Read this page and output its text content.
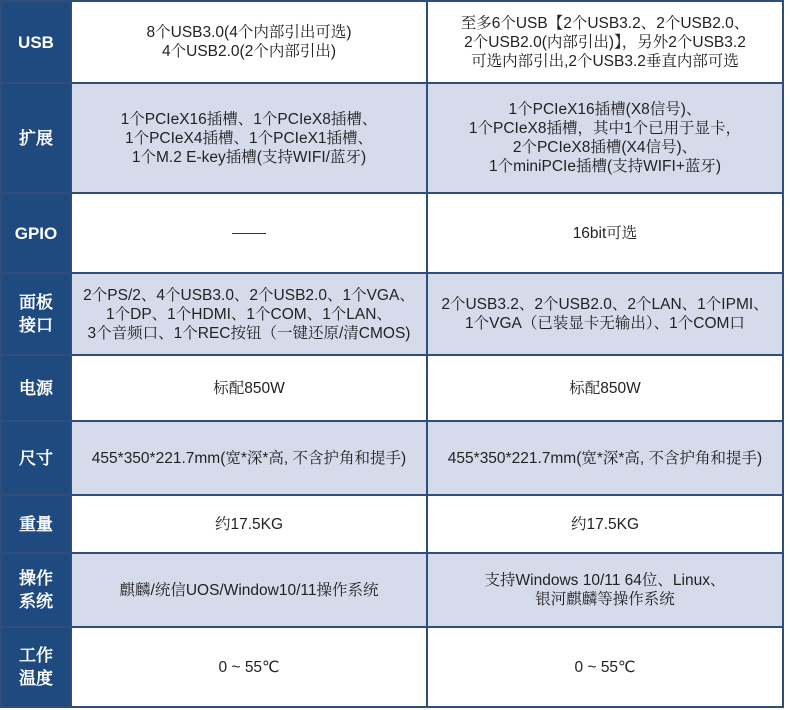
USB	8个USB3.0(4个内部引出可选)
4个USB2.0(2个内部引出)	至多6个USB【2个USB3.2、2个USB2.0、
2个USB2.0(内部引出)】，另外2个USB3.2
可选内部引出,2个USB3.2垂直内部可选

扩展	1个PCIeX16插槽、1个PCIeX8插槽、
1个PCIeX4插槽、1个PCIeX1插槽、
1个M.2 E-key插槽(支持WIFI/蓝牙)	1个PCIeX16插槽(X8信号)、
1个PCIeX8插槽，其中1个已用于显卡，
2个PCIeX8插槽(X4信号)、
1个miniPCIe插槽(支持WIFI+蓝牙)

GPIO		16bit可选

面板
接口	2个PS/2、4个USB3.0、2个USB2.0、1个VGA、
1个DP、1个HDMI、1个COM、1个LAN、
3个音频口、1个REC按钮（一键还原/清CMOS)	2个USB3.2、2个USB2.0、2个LAN、1个IPMI、
1个VGA（已装显卡无输出）、1个COM口

电源	标配850W	标配850W

尺寸	455*350*221.7mm(宽*深*高, 不含护角和提手)	455*350*221.7mm(宽*深*高, 不含护角和提手)

重量	约17.5KG	约17.5KG

操作
系统	麒麟/统信UOS/Window10/11操作系统	支持Windows 10/11 64位、Linux、
银河麒麟等操作系统

工作
温度	0 ~ 55℃	0 ~ 55℃
